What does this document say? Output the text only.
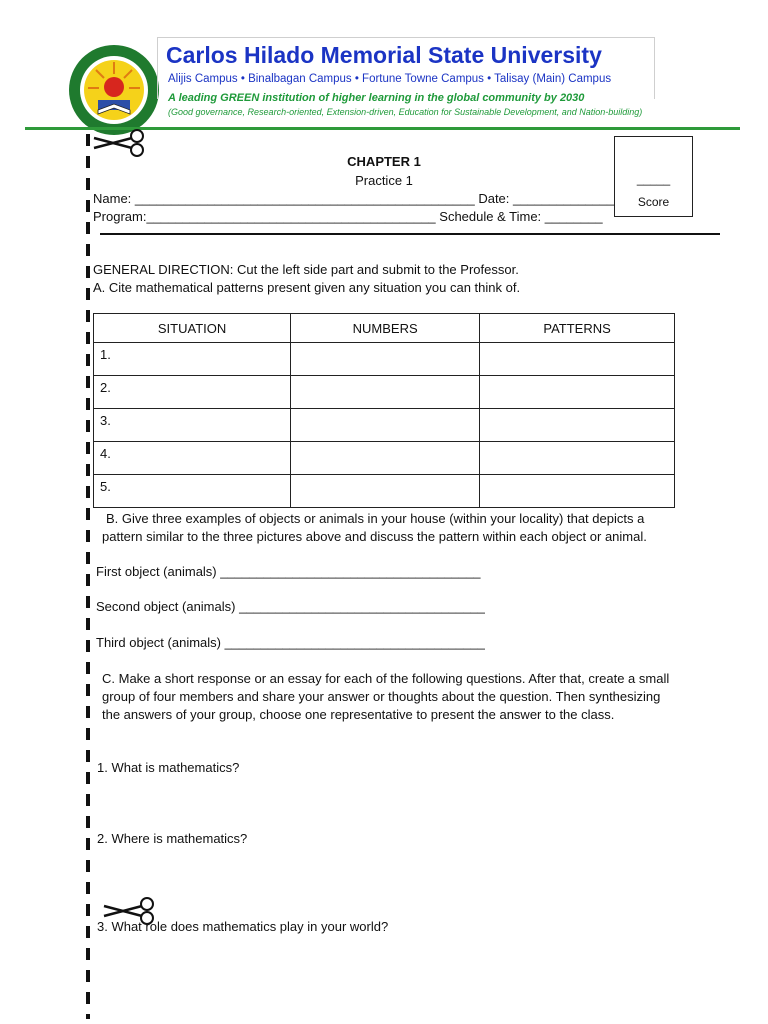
Carlos Hilado Memorial State University
Alijis Campus • Binalbagan Campus • Fortune Towne Campus • Talisay (Main) Campus
A leading GREEN institution of higher learning in the global community by 2030
(Good governance, Research-oriented, Extension-driven, Education for Sustainable Development, and Nation-building)
CHAPTER 1
Practice 1	_____
Score
Name: _______________________________________________ Date: ______________
Program:________________________________________ Schedule & Time: ________
GENERAL DIRECTION: Cut the left side part and submit to the Professor.
A. Cite mathematical patterns present given any situation you can think of.
SITUATION	NUMBERS	PATTERNS
1.		
2.		
3.		
4.		
5.		
B. Give three examples of objects or animals in your house (within your locality) that depicts a pattern similar to the three pictures above and discuss the pattern within each object or animal.
First object (animals) ____________________________________
Second object (animals) __________________________________
Third object (animals) ____________________________________
C. Make a short response or an essay for each of the following questions. After that, create a small group of four members and share your answer or thoughts about the question. Then synthesizing the answers of your group, choose one representative to present the answer to the class.
1. What is mathematics?
2. Where is mathematics?
3. What role does mathematics play in your world?
